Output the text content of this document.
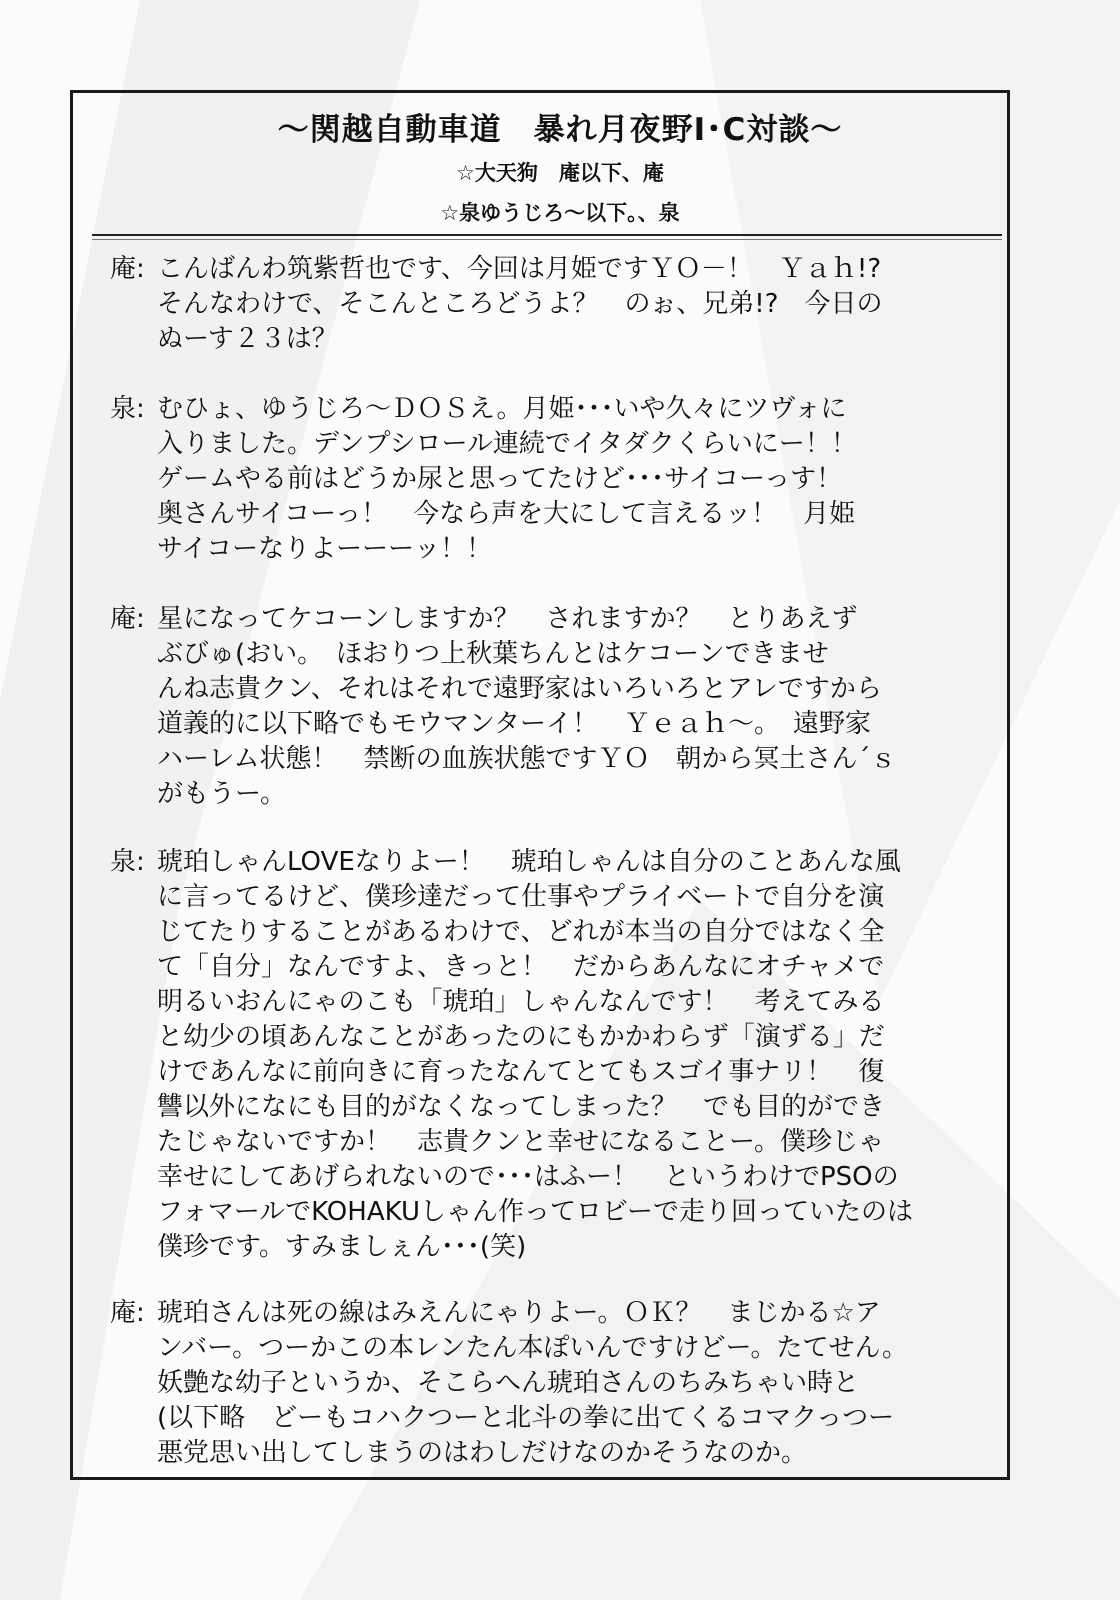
～関越自動車道　暴れ月夜野I･C対談～
☆大天狗　庵以下、庵
☆泉ゆうじろ～以下。、泉
庵: こんばんわ筑紫哲也です、今回は月姫ですＹＯ－！　Ｙａｈ!?
そんなわけで、そこんところどうよ？　のぉ、兄弟!?　今日の
ぬーす２３は？
泉: むひょ、ゆうじろ～ＤＯＳえ。月姫･･･いや久々にツヴォに
入りました。デンプシロール連続でイタダクくらいにー！！
ゲームやる前はどうか尿と思ってたけど･･･サイコーっす！
奥さんサイコーっ！　今なら声を大にして言えるッ！　月姫
サイコーなりよーーーッ！！
庵: 星になってケコーンしますか？　されますか？　とりあえず
ぶびゅ(おい。　ほおりつ上秋葉ちんとはケコーンできませ
んね志貴クン、それはそれで遠野家はいろいろとアレですから
道義的に以下略でもモウマンターイ！　Ｙｅａｈ～。　遠野家
ハーレム状態！　禁断の血族状態ですＹＯ　朝から冥土さん´ｓ
がもうー。
泉: 琥珀しゃんLOVEなりよー！　琥珀しゃんは自分のことあんな風
に言ってるけど、僕珍達だって仕事やプライベートで自分を演
じてたりすることがあるわけで、どれが本当の自分ではなく全
て「自分」なんですよ、きっと！　だからあんなにオチャメで
明るいおんにゃのこも「琥珀」しゃんなんです！　考えてみる
と幼少の頃あんなことがあったのにもかかわらず「演ずる」だ
けであんなに前向きに育ったなんてとてもスゴイ事ナリ！　復
讐以外になにも目的がなくなってしまった？　でも目的ができ
たじゃないですか！　志貴クンと幸せになることー。僕珍じゃ
幸せにしてあげられないので･･･はふー！　というわけでPSOの
フォマールでKOHAKUしゃん作ってロビーで走り回っていたのは
僕珍です。すみましぇん･･･(笑)
庵: 琥珀さんは死の線はみえんにゃりよー。ＯＫ？　まじかる☆ア
ンバー。つーかこの本レンたん本ぽいんですけどー。たてせん。
妖艶な幼子というか、そこらへん琥珀さんのちみちゃい時と
(以下略　どーもコハクつーと北斗の拳に出てくるコマクっつー
悪党思い出してしまうのはわしだけなのかそうなのか。
